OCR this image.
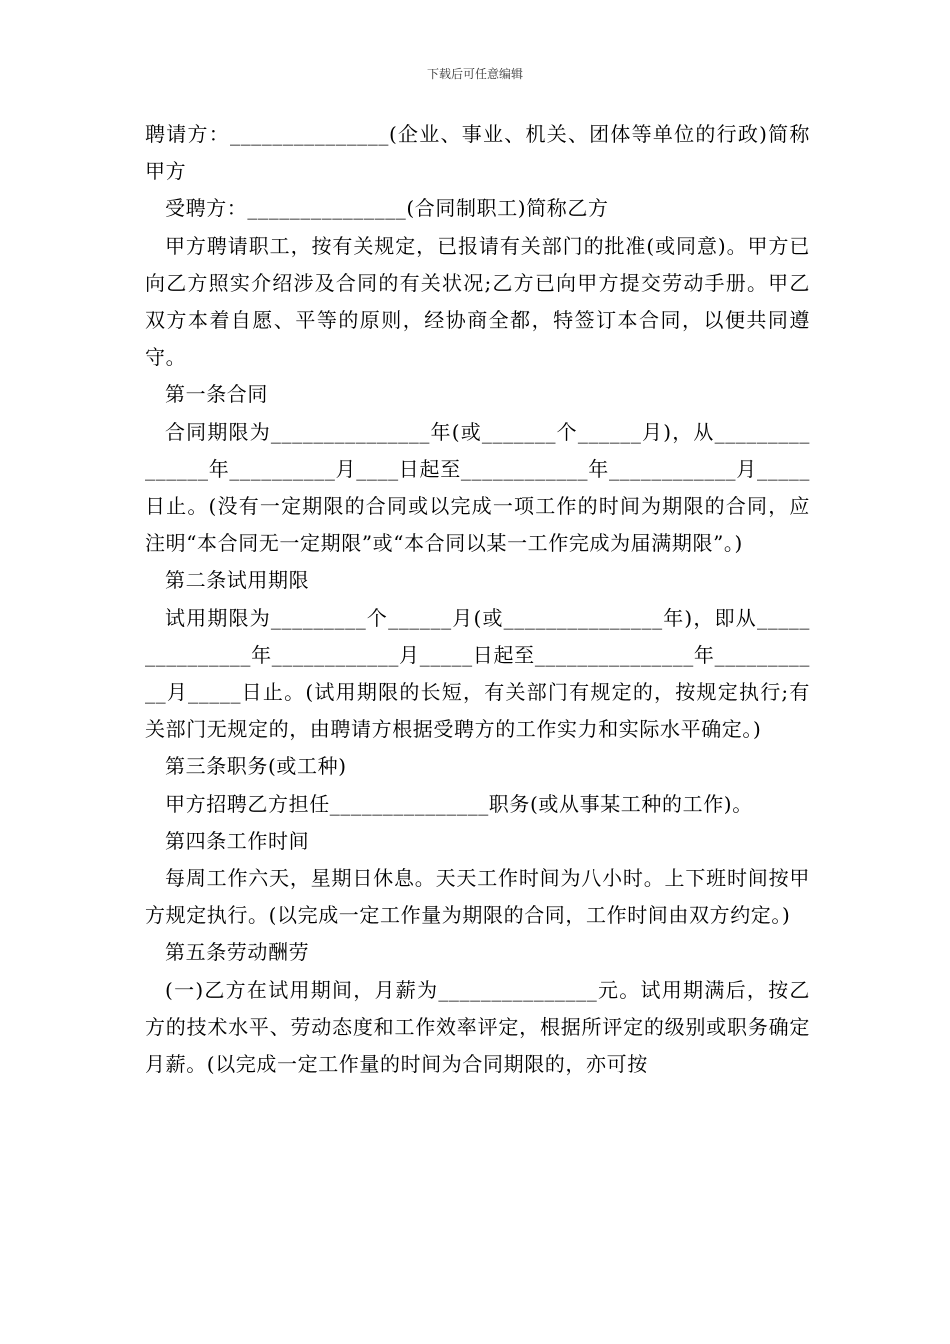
下载后可任意编辑

聘请方：_______________(企业、事业、机关、团体等单位的行政)简称甲方

受聘方：_______________(合同制职工)简称乙方

甲方聘请职工，按有关规定，已报请有关部门的批准(或同意)。甲方已向乙方照实介绍涉及合同的有关状况;乙方已向甲方提交劳动手册。甲乙双方本着自愿、平等的原则，经协商全都，特签订本合同，以便共同遵守。

第一条合同

合同期限为_______________年(或_______个______月)，从_______________年__________月____日起至____________年____________月_____日止。(没有一定期限的合同或以完成一项工作的时间为期限的合同，应注明“本合同无一定期限”或“本合同以某一工作完成为届满期限”。)

第二条试用期限

试用期限为_________个______月(或_______________年)，即从_______________年____________月_____日起至_______________年___________月_____日止。(试用期限的长短，有关部门有规定的，按规定执行;有关部门无规定的，由聘请方根据受聘方的工作实力和实际水平确定。)

第三条职务(或工种)

甲方招聘乙方担任_______________职务(或从事某工种的工作)。

第四条工作时间

每周工作六天，星期日休息。天天工作时间为八小时。上下班时间按甲方规定执行。(以完成一定工作量为期限的合同，工作时间由双方约定。)

第五条劳动酬劳

(一)乙方在试用期间，月薪为_______________元。试用期满后，按乙方的技术水平、劳动态度和工作效率评定，根据所评定的级别或职务确定月薪。(以完成一定工作量的时间为合同期限的，亦可按
